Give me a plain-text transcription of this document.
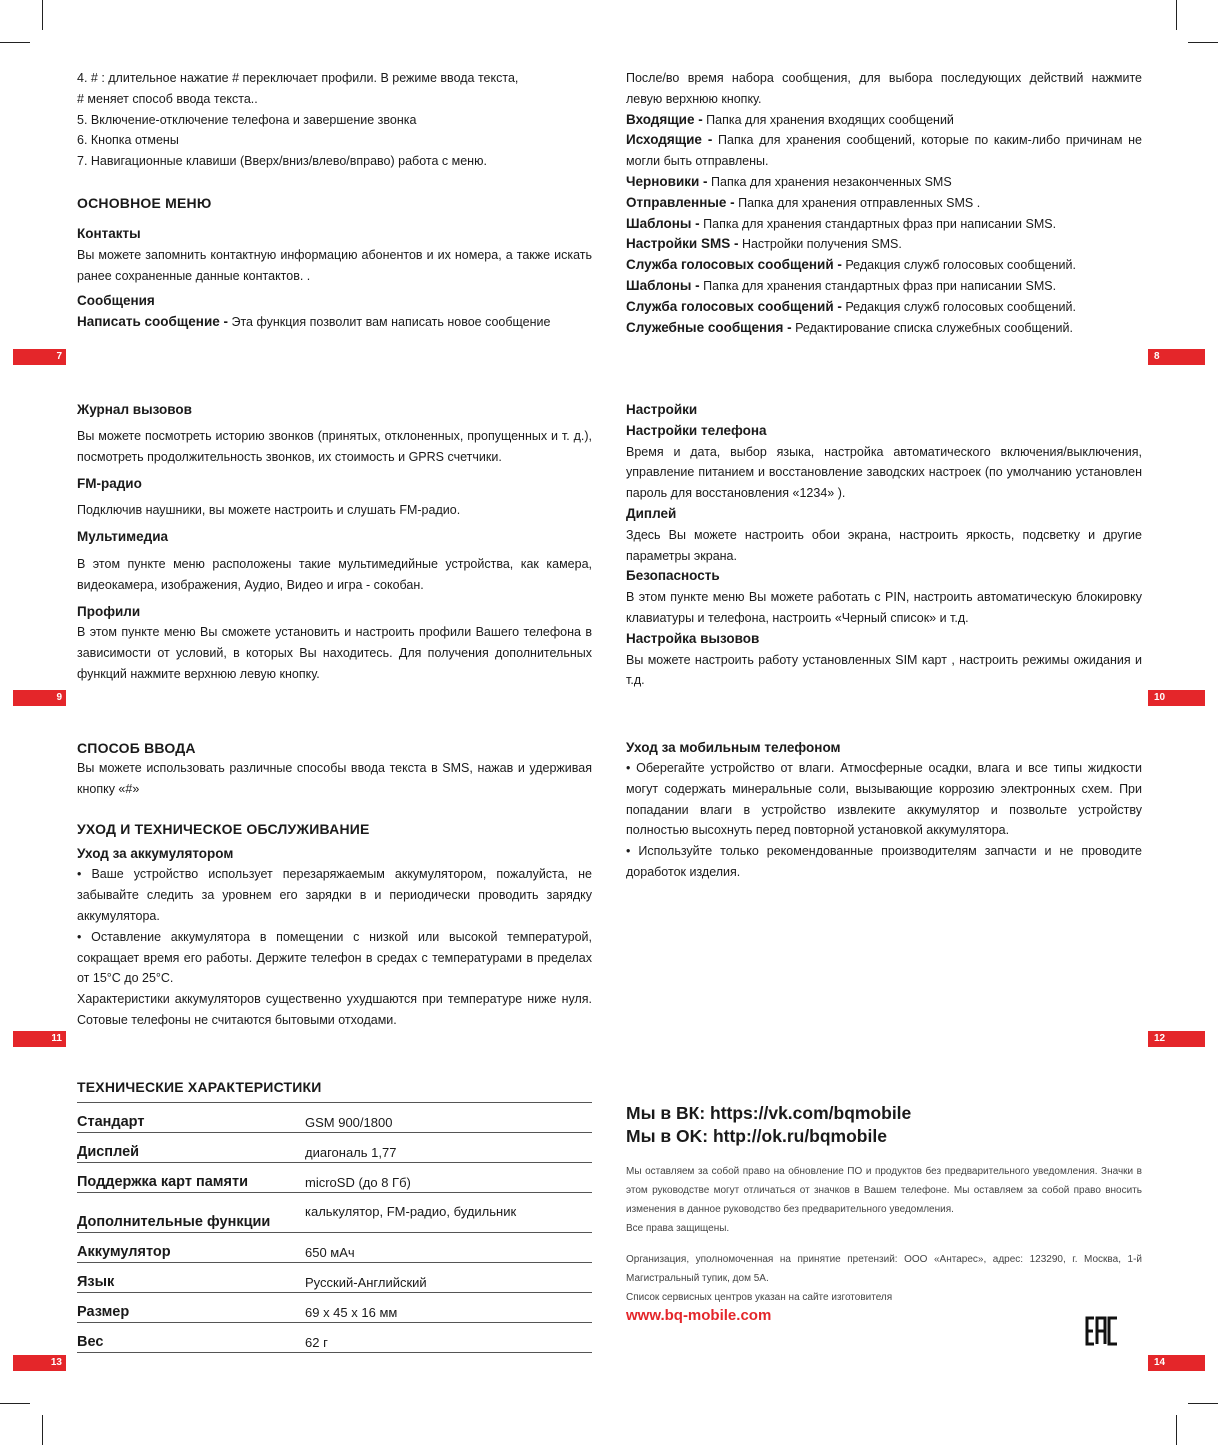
4. # : длительное нажатие # переключает профили. В режиме ввода текста,

# меняет способ ввода текста..

5. Включение-отключение телефона и завершение звонка

6. Кнопка отмены

7. Навигационные клавиши (Вверх/вниз/влево/вправо) работа с меню.

ОСНОВНОЕ МЕНЮ

Контакты

Вы можете запомнить контактную информацию абонентов и их номера, а также искать ранее сохраненные данные контактов. .

Сообщения

Написать сообщение - Эта функция позволит вам написать новое сообщение

7

После/во время набора сообщения, для выбора последующих действий нажмите левую верхнюю кнопку.

Входящие - Папка для хранения входящих сообщений

Исходящие - Папка для хранения сообщений, которые по каким-либо причинам не могли быть отправлены.

Черновики - Папка для хранения незаконченных SMS

Отправленные - Папка для хранения отправленных SMS .

Шаблоны - Папка для хранения стандартных фраз при написании SMS.

Настройки SMS - Настройки получения SMS.

Служба голосовых сообщений - Редакция служб голосовых сообщений.

Шаблоны - Папка для хранения стандартных фраз при написании SMS.

Служба голосовых сообщений - Редакция служб голосовых сообщений.

Служебные сообщения - Редактирование списка служебных сообщений.

8

Журнал вызовов

Вы можете посмотреть историю звонков (принятых, отклоненных, пропущенных и т. д.), посмотреть продолжительность звонков, их стоимость и GPRS счетчики.

FM-радио

Подключив наушники, вы можете настроить и слушать FM-радио.

Мультимедиа

В этом пункте меню расположены такие мультимедийные устройства, как камера, видеокамера, изображения, Аудио, Видео и игра - сокобан.

Профили

В этом пункте меню Вы сможете установить и настроить профили Вашего телефона в зависимости от условий, в которых Вы находитесь. Для получения дополнительных функций нажмите верхнюю левую кнопку.

9

Настройки

Настройки телефона

Время и дата, выбор языка, настройка автоматического включения/выключения, управление питанием и восстановление заводских настроек (по умолчанию установлен пароль для восстановления «1234» ).

Диплей

Здесь Вы можете настроить обои экрана, настроить яркость, подсветку и другие параметры экрана.

Безопасность

В этом пункте меню Вы можете работать с PIN, настроить автоматическую блокировку клавиатуры и телефона, настроить «Черный список» и т.д.

Настройка вызовов

Вы можете настроить работу установленных SIM карт , настроить режимы ожидания и т.д.

10

СПОСОБ ВВОДА

Вы можете использовать различные способы ввода текста в SMS, нажав и удерживая кнопку «#»

УХОД И ТЕХНИЧЕСКОЕ ОБСЛУЖИВАНИЕ

Уход за аккумулятором

• Ваше устройство использует перезаряжаемым аккумулятором, пожалуйста, не забывайте следить за уровнем его зарядки в и периодически проводить зарядку аккумулятора.

• Оставление аккумулятора в помещении с низкой или высокой температурой, сокращает время его работы. Держите телефон в средах с температурами в пределах от 15°C до 25°C.

Характеристики аккумуляторов существенно ухудшаются при температуре ниже нуля. Сотовые телефоны не считаются бытовыми отходами.

11

Уход за мобильным телефоном

• Оберегайте устройство от влаги. Атмосферные осадки, влага и все типы жидкости могут содержать минеральные соли, вызывающие коррозию электронных схем. При попадании влаги в устройство извлеките аккумулятор и позвольте устройству полностью высохнуть перед повторной установкой аккумулятора.

• Используйте только рекомендованные производителям запчасти и не проводите доработок изделия.

12

ТЕХНИЧЕСКИЕ ХАРАКТЕРИСТИКИ

Стандарт	GSM 900/1800
Дисплей	диагональ 1,77
Поддержка карт памяти	microSD (до 8 Гб)
Дополнительные функции	калькулятор, FM-радио, будильник
Аккумулятор	650 мАч
Язык	Русский-Английский
Размер	69 x 45 x 16 мм
Вес	62 г
13
Мы в ВК: https://vk.com/bqmobile
Мы в OK: http://ok.ru/bqmobile

Мы оставляем за собой право на обновление ПО и продуктов без предварительного уведомления. Значки в этом руководстве могут отличаться от значков в Вашем телефоне. Мы оставляем за собой право вносить изменения в данное руководство без предварительного уведомления.

Все права защищены.

Организация, уполномоченная на принятие претензий: ООО «Антарес», адрес: 123290, г. Москва, 1-й Магистральный тупик, дом 5А.

Список сервисных центров указан на сайте изготовителя

www.bq-mobile.com
14
